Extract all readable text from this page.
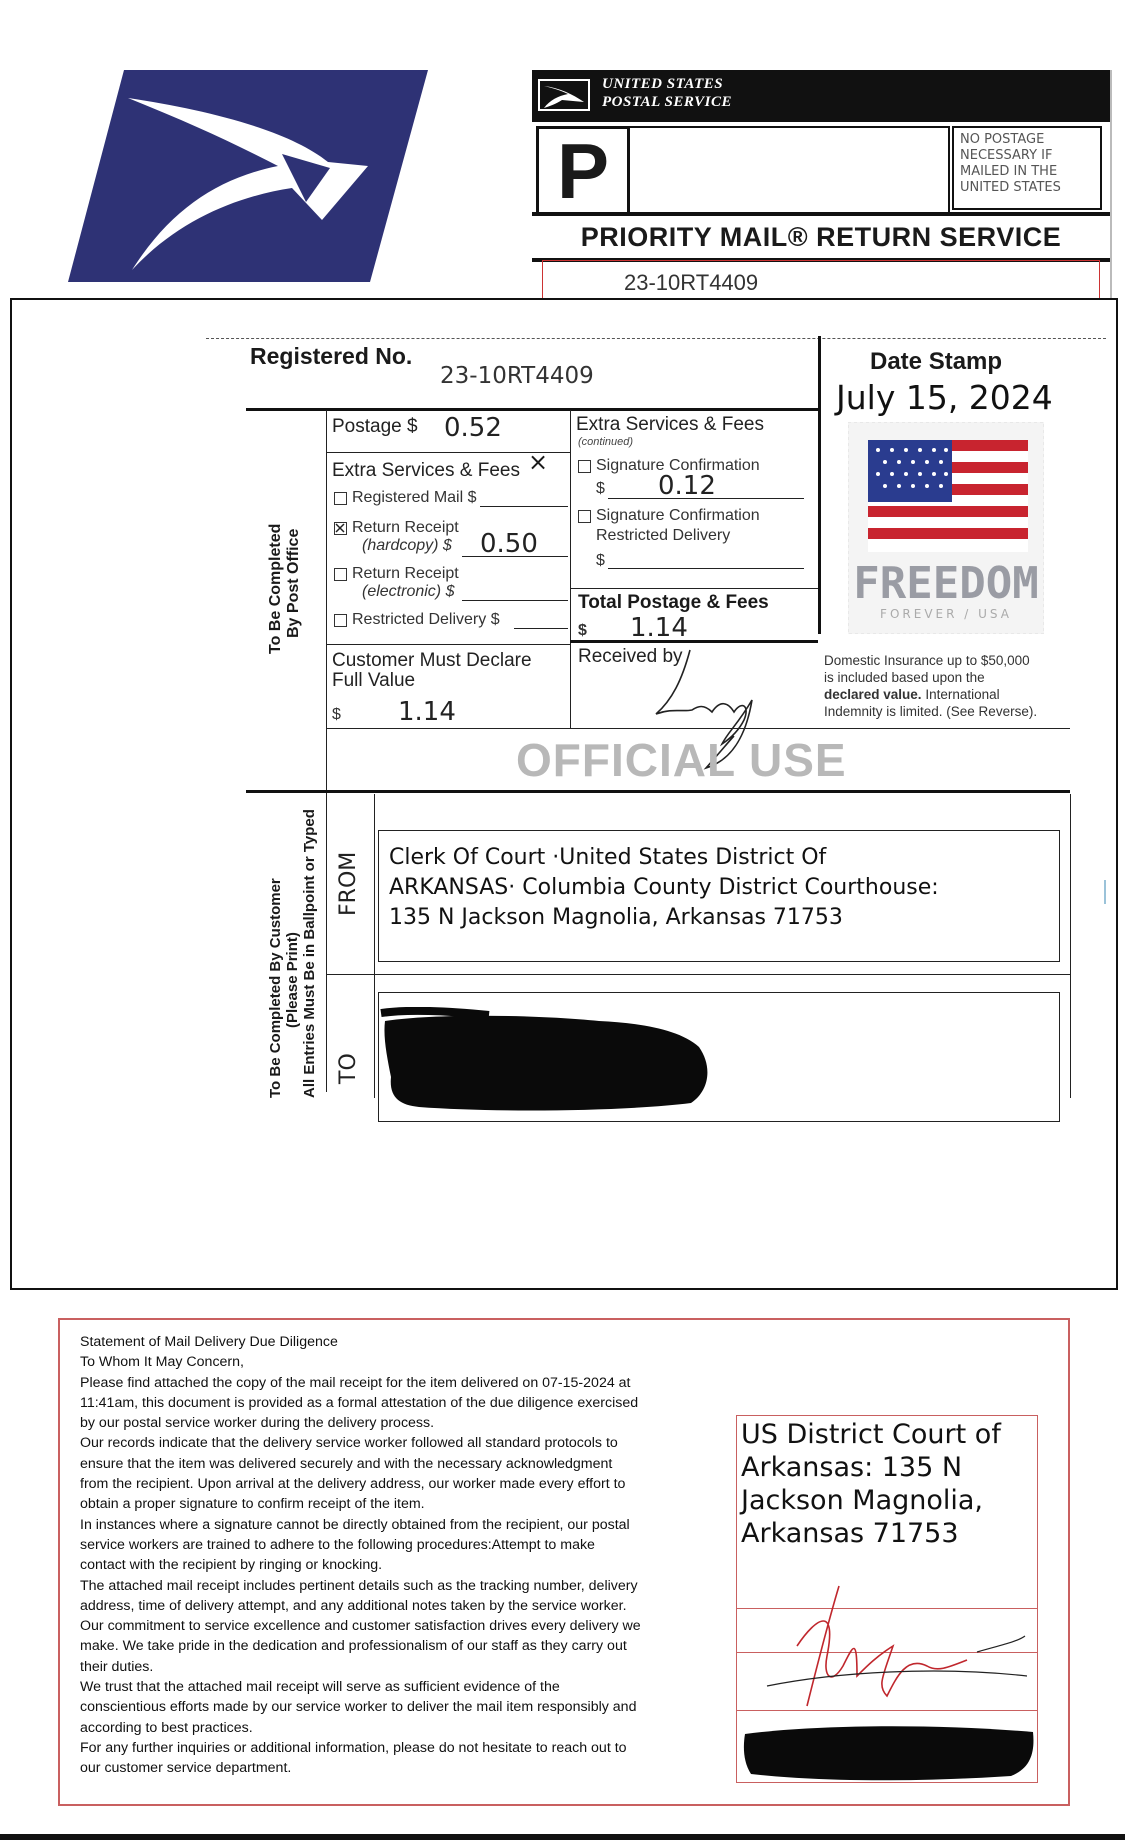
UNITED STATES
POSTAL SERVICE
P	NO POSTAGE NECESSARY IF MAILED IN THE UNITED STATES
PRIORITY MAIL® RETURN SERVICE
23-10RT4409
Registered No.
23-10RT4409
Date Stamp
July 15, 2024
To Be Completed By Post Office
Postage $ 0.52
Extra Services & Fees ×
Registered Mail $
Return Receipt
(hardcopy) $ 0.50
Return Receipt
(electronic) $
Restricted Delivery $
Extra Services & Fees
(continued)
Signature Confirmation
$ 0.12
Signature Confirmation
Restricted Delivery
$
Total Postage & Fees
$ 1.14
Customer Must Declare
Full Value
$ 1.14
Received by
FREEDOM
FOREVER / USA
Domestic Insurance up to $50,000
is included based upon the
declared value. International
Indemnity is limited. (See Reverse).
OFFICIAL USE
To Be Completed By Customer (Please Print) All Entries Must Be in Ballpoint or Typed FROM Clerk Of Court ·United States District Of
ARKANSAS· Columbia County District Courthouse:
135 N Jackson Magnolia, Arkansas 71753
TO

Statement of Mail Delivery Due Diligence

To Whom It May Concern,

Please find attached the copy of the mail receipt for the item delivered on 07-15-2024 at

11:41am, this document is provided as a formal attestation of the due diligence exercised

by our postal service worker during the delivery process.

Our records indicate that the delivery service worker followed all standard protocols to

ensure that the item was delivered securely and with the necessary acknowledgment

from the recipient. Upon arrival at the delivery address, our worker made every effort to

obtain a proper signature to confirm receipt of the item.

In instances where a signature cannot be directly obtained from the recipient, our postal

service workers are trained to adhere to the following procedures:Attempt to make

contact with the recipient by ringing or knocking.

The attached mail receipt includes pertinent details such as the tracking number, delivery

address, time of delivery attempt, and any additional notes taken by the service worker.

Our commitment to service excellence and customer satisfaction drives every delivery we

make. We take pride in the dedication and professionalism of our staff as they carry out

their duties.

We trust that the attached mail receipt will serve as sufficient evidence of the

conscientious efforts made by our service worker to deliver the mail item responsibly and

according to best practices.

For any further inquiries or additional information, please do not hesitate to reach out to

our customer service department.

US District Court of Arkansas: 135 N Jackson Magnolia, Arkansas 71753
